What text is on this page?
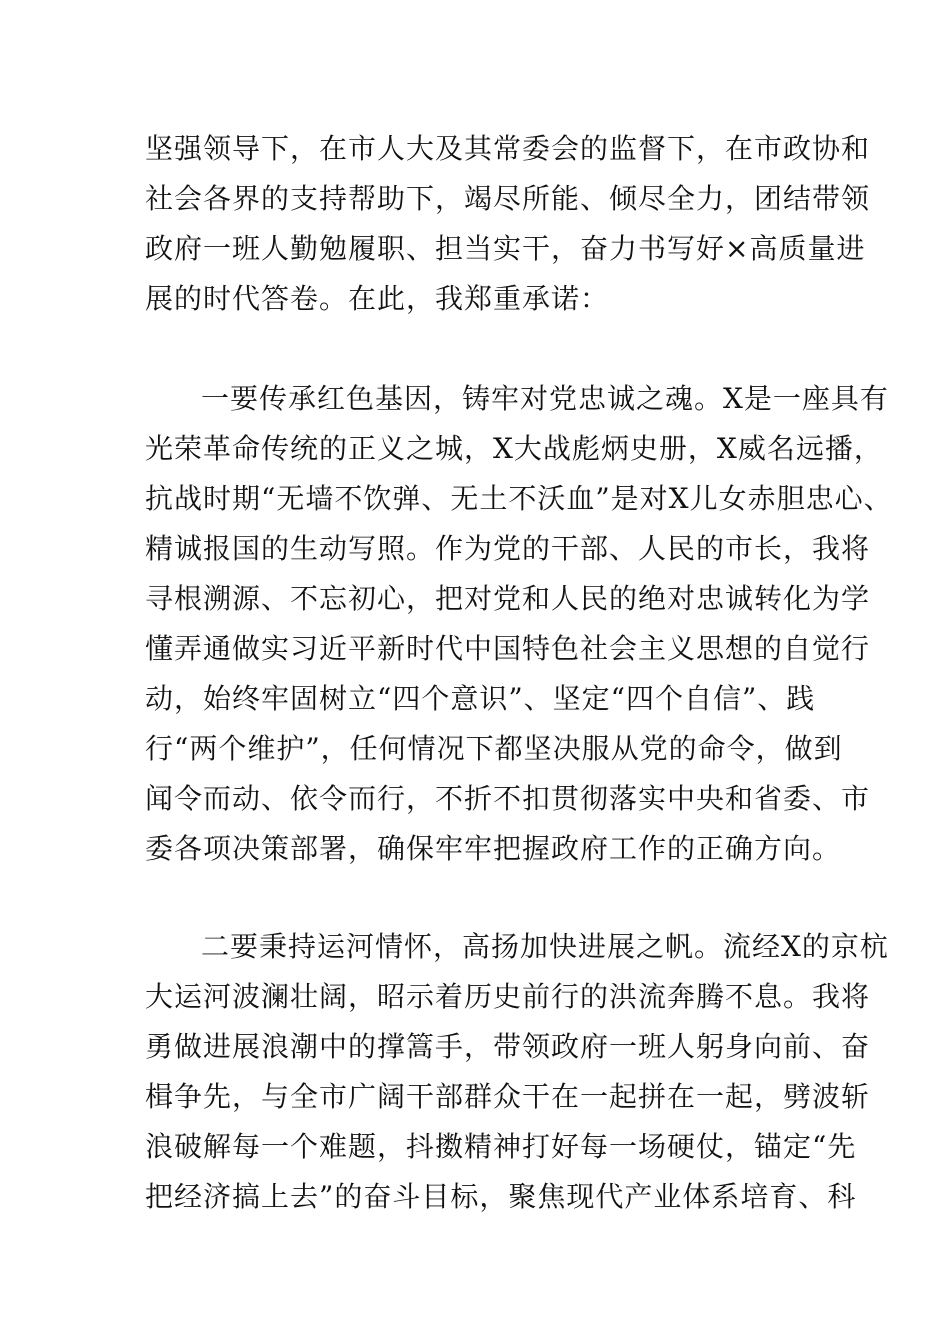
坚强领导下，在市人大及其常委会的监督下，在市政协和
社会各界的支持帮助下，竭尽所能、倾尽全力，团结带领
政府一班人勤勉履职、担当实干，奋力书写好×高质量进
展的时代答卷。在此，我郑重承诺：
一要传承红色基因，铸牢对党忠诚之魂。X是一座具有
光荣革命传统的正义之城，X大战彪炳史册，X威名远播，
抗战时期“无墙不饮弹、无土不沃血”是对X儿女赤胆忠心、
精诚报国的生动写照。作为党的干部、人民的市长，我将
寻根溯源、不忘初心，把对党和人民的绝对忠诚转化为学
懂弄通做实习近平新时代中国特色社会主义思想的自觉行
动，始终牢固树立“四个意识”、坚定“四个自信”、践
行“两个维护”，任何情况下都坚决服从党的命令，做到
闻令而动、依令而行，不折不扣贯彻落实中央和省委、市
委各项决策部署，确保牢牢把握政府工作的正确方向。
二要秉持运河情怀，高扬加快进展之帆。流经X的京杭
大运河波澜壮阔，昭示着历史前行的洪流奔腾不息。我将
勇做进展浪潮中的撑篙手，带领政府一班人躬身向前、奋
楫争先，与全市广阔干部群众干在一起拼在一起，劈波斩
浪破解每一个难题，抖擞精神打好每一场硬仗，锚定“先
把经济搞上去”的奋斗目标，聚焦现代产业体系培育、科
